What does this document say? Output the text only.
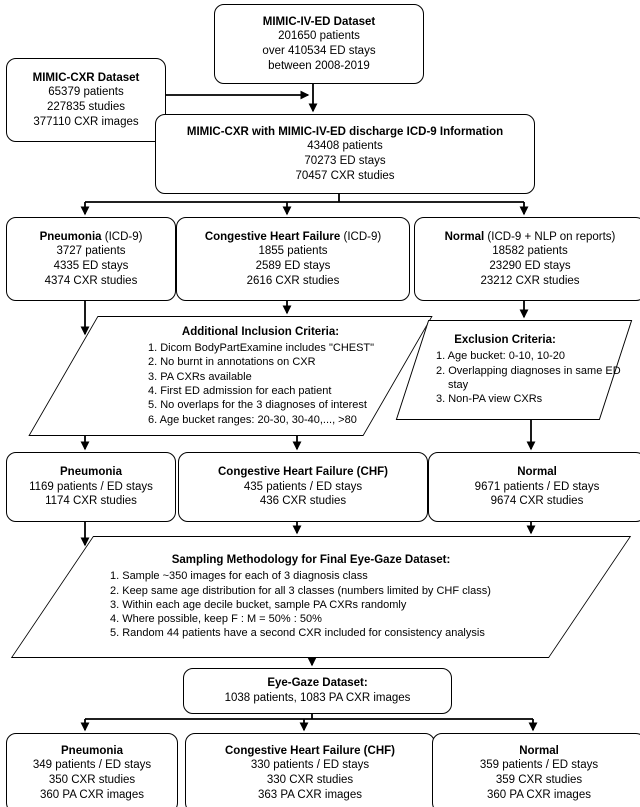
MIMIC-IV-ED Dataset
201650 patients
over 410534 ED stays
between 2008-2019
MIMIC-CXR Dataset
65379 patients
227835 studies
377110 CXR images
MIMIC-CXR with MIMIC-IV-ED discharge ICD-9 Information
43408 patients
70273 ED stays
70457 CXR studies
Pneumonia (ICD-9)
3727 patients
4335 ED stays
4374 CXR studies
Congestive Heart Failure (ICD-9)
1855 patients
2589 ED stays
2616 CXR studies
Normal (ICD-9 + NLP on reports)
18582 patients
23290 ED stays
23212 CXR studies
Additional Inclusion Criteria:
1. Dicom BodyPartExamine includes "CHEST"
2. No burnt in annotations on CXR
3. PA CXRs available
4. First ED admission for each patient
5. No overlaps for the 3 diagnoses of interest
6. Age bucket ranges: 20-30, 30-40,..., >80
Exclusion Criteria:
1. Age bucket: 0-10, 10-20
2. Overlapping diagnoses in same ED stay
3. Non-PA view CXRs
Pneumonia
1169 patients / ED stays
1174 CXR studies
Congestive Heart Failure (CHF)
435 patients / ED stays
436 CXR studies
Normal
9671 patients / ED stays
9674 CXR studies
Sampling Methodology for Final Eye-Gaze Dataset:
1. Sample ~350 images for each of 3 diagnosis class
2. Keep same age distribution for all 3 classes (numbers limited by CHF class)
3. Within each age decile bucket, sample PA CXRs randomly
4. Where possible, keep F : M = 50% : 50%
5. Random 44 patients have a second CXR included for consistency analysis
Eye-Gaze Dataset:
1038 patients, 1083 PA CXR images
Pneumonia
349 patients / ED stays
350 CXR studies
360 PA CXR images
Congestive Heart Failure (CHF)
330 patients / ED stays
330 CXR studies
363 PA CXR images
Normal
359 patients / ED stays
359 CXR studies
360 PA CXR images
